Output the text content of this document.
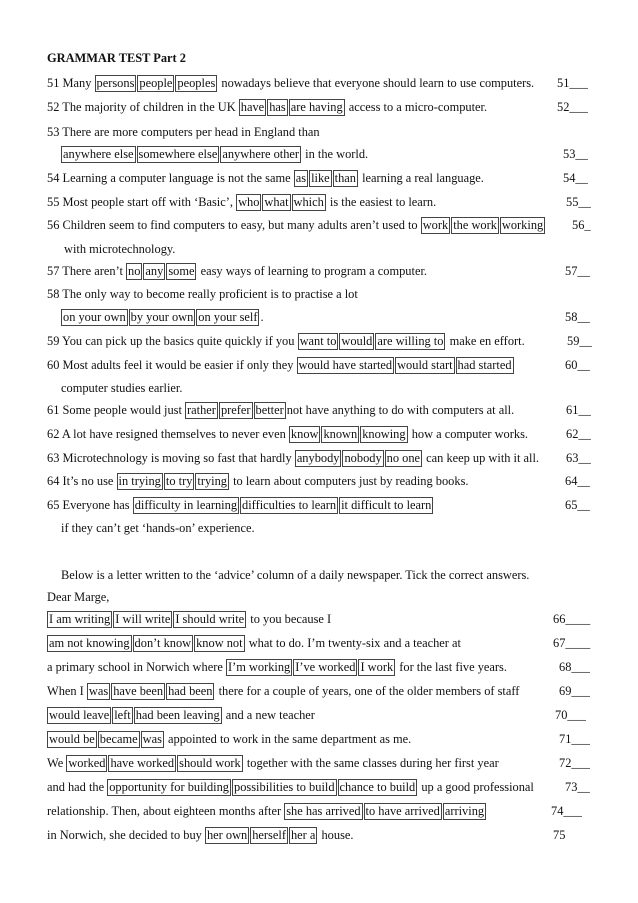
GRAMMAR TEST Part 2
51 Many persons people peoples nowadays believe that everyone should learn to use computers. 51___
52 The majority of children in the UK have has are having access to a micro-computer.	52___
53 There are more computers per head in England than
anywhere else somewhere else anywhere other in the world.	53__
54 Learning a computer language is not the same as like than learning a real language.	54__
55 Most people start off with ‘Basic’, who what which is the easiest to learn.	55__
56 Children seem to find computers to easy, but many adults aren’t used to work the work working 56_
with microtechnology.
57 There aren’t no any some easy ways of learning to program a computer.	57__
58 The only way to become really proficient is to practise a lot
on your own by your own on your self .	58__
59 You can pick up the basics quite quickly if you want to would are willing to make en effort.	59__
60 Most adults feel it would be easier if only they would have started would start had started	60__
computer studies earlier.
61 Some people would just rather prefer better not have anything to do with computers at all.	61__
62 A lot have resigned themselves to never even know known knowing how a computer works.	62__
63 Microtechnology is moving so fast that hardly anybody nobody no one can keep up with it all. 63__
64 It’s no use in trying to try trying to learn about computers just by reading books.	64__
65 Everyone has difficulty in learning difficulties to learn it difficult to learn	65__
if they can’t get ‘hands-on’ experience.
Below is a letter written to the ‘advice’ column of a daily newspaper. Tick the correct answers.
Dear Marge,
I am writing I will write I should write to you because I	66____
am not knowing don’t know know not what to do. I’m twenty-six and a teacher at	67____
a primary school in Norwich where I’m working I’ve worked I work for the last five years.	68___
When I was have been had been there for a couple of years, one of the older members of staff	69___
would leave left had been leaving and a new teacher	70___
would be became was appointed to work in the same department as me.	71___
We worked have worked should work together with the same classes during her first year	72___
and had the opportunity for building possibilities to build chance to build up a good professional	73__
relationship. Then, about eighteen months after she has arrived to have arrived arriving	74___
in Norwich, she decided to buy her own herself her a house.	75
